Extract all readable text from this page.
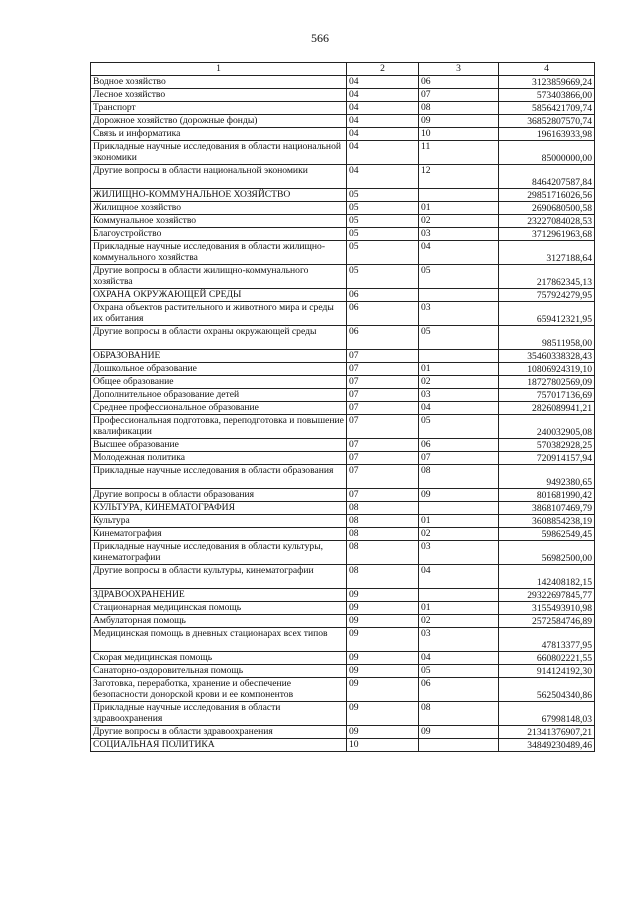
566
1	2	3	4
Водное хозяйство	04	06	3123859669,24
Лесное хозяйство	04	07	573403866,00
Транспорт	04	08	5856421709,74
Дорожное хозяйство (дорожные фонды)	04	09	36852807570,74
Связь и информатика	04	10	196163933,98
Прикладные научные исследования в области национальной экономики	04	11	85000000,00
Другие вопросы в области национальной экономики	04	12	8464207587,84
ЖИЛИЩНО-КОММУНАЛЬНОЕ ХОЗЯЙСТВО	05		29851716026,56
Жилищное хозяйство	05	01	2690680500,58
Коммунальное хозяйство	05	02	23227084028,53
Благоустройство	05	03	3712961963,68
Прикладные научные исследования в области жилищно-коммунального хозяйства	05	04	3127188,64
Другие вопросы в области жилищно-коммунального хозяйства	05	05	217862345,13
ОХРАНА ОКРУЖАЮЩЕЙ СРЕДЫ	06		757924279,95
Охрана объектов растительного и животного мира и среды их обитания	06	03	659412321,95
Другие вопросы в области охраны окружающей среды	06	05	98511958,00
ОБРАЗОВАНИЕ	07		35460338328,43
Дошкольное образование	07	01	10806924319,10
Общее образование	07	02	18727802569,09
Дополнительное образование детей	07	03	757017136,69
Среднее профессиональное образование	07	04	2826089941,21
Профессиональная подготовка, переподготовка и повышение квалификации	07	05	240032905,08
Высшее образование	07	06	570382928,25
Молодежная политика	07	07	720914157,94
Прикладные научные исследования в области образования	07	08	9492380,65
Другие вопросы в области образования	07	09	801681990,42
КУЛЬТУРА, КИНЕМАТОГРАФИЯ	08		3868107469,79
Культура	08	01	3608854238,19
Кинематография	08	02	59862549,45
Прикладные научные исследования в области культуры, кинематографии	08	03	56982500,00
Другие вопросы в области культуры, кинематографии	08	04	142408182,15
ЗДРАВООХРАНЕНИЕ	09		29322697845,77
Стационарная медицинская помощь	09	01	3155493910,98
Амбулаторная помощь	09	02	2572584746,89
Медицинская помощь в дневных стационарах всех типов	09	03	47813377,95
Скорая медицинская помощь	09	04	660802221,55
Санаторно-оздоровительная помощь	09	05	914124192,30
Заготовка, переработка, хранение и обеспечение безопасности донорской крови и ее компонентов	09	06	562504340,86
Прикладные научные исследования в области здравоохранения	09	08	67998148,03
Другие вопросы в области здравоохранения	09	09	21341376907,21
СОЦИАЛЬНАЯ ПОЛИТИКА	10		34849230489,46
